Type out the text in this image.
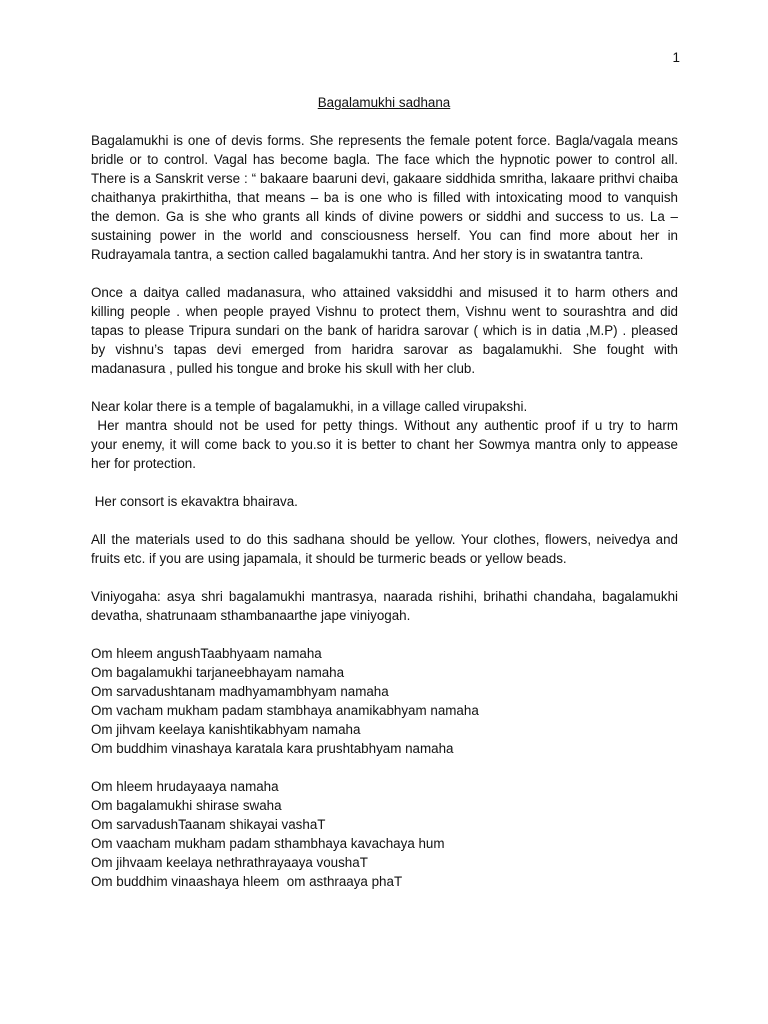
1
Bagalamukhi sadhana

Bagalamukhi is one of devis forms. She represents the female potent force. Bagla/vagala means
bridle or to control. Vagal has become bagla. The face which the hypnotic power to control all.
There is a Sanskrit verse : “ bakaare baaruni devi, gakaare siddhida smritha, lakaare prithvi chaiba
chaithanya prakirthitha, that means – ba is one who is filled with intoxicating mood to vanquish
the demon. Ga is she who grants all kinds of divine powers or siddhi and success to us. La –
sustaining power in the world and consciousness herself. You can find more about her in
Rudrayamala tantra, a section called bagalamukhi tantra. And her story is in swatantra tantra.

Once a daitya called madanasura, who attained vaksiddhi and misused it to harm others and
killing people . when people prayed Vishnu to protect them, Vishnu went to sourashtra and did
tapas to please Tripura sundari on the bank of haridra sarovar ( which is in datia ,M.P) . pleased
by vishnu’s tapas devi emerged from haridra sarovar as bagalamukhi. She fought with
madanasura , pulled his tongue and broke his skull with her club.

Near kolar there is a temple of bagalamukhi, in a village called virupakshi.
Her mantra should not be used for petty things. Without any authentic proof if u try to harm
your enemy, it will come back to you.so it is better to chant her Sowmya mantra only to appease
her for protection.

Her consort is ekavaktra bhairava.

All the materials used to do this sadhana should be yellow. Your clothes, flowers, neivedya and
fruits etc. if you are using japamala, it should be turmeric beads or yellow beads.

Viniyogaha: asya shri bagalamukhi mantrasya, naarada rishihi, brihathi chandaha, bagalamukhi
devatha, shatrunaam sthambanaarthe jape viniyogah.

Om hleem angushTaabhyaam namaha
Om bagalamukhi tarjaneebhayam namaha
Om sarvadushtanam madhyamambhyam namaha
Om vacham mukham padam stambhaya anamikabhyam namaha
Om jihvam keelaya kanishtikabhyam namaha
Om buddhim vinashaya karatala kara prushtabhyam namaha
Om hleem hrudayaaya namaha
Om bagalamukhi shirase swaha
Om sarvadushTaanam shikayai vashaT
Om vaacham mukham padam sthambhaya kavachaya hum
Om jihvaam keelaya nethrathrayaaya voushaT
Om buddhim vinaashaya hleem  om asthraaya phaT
